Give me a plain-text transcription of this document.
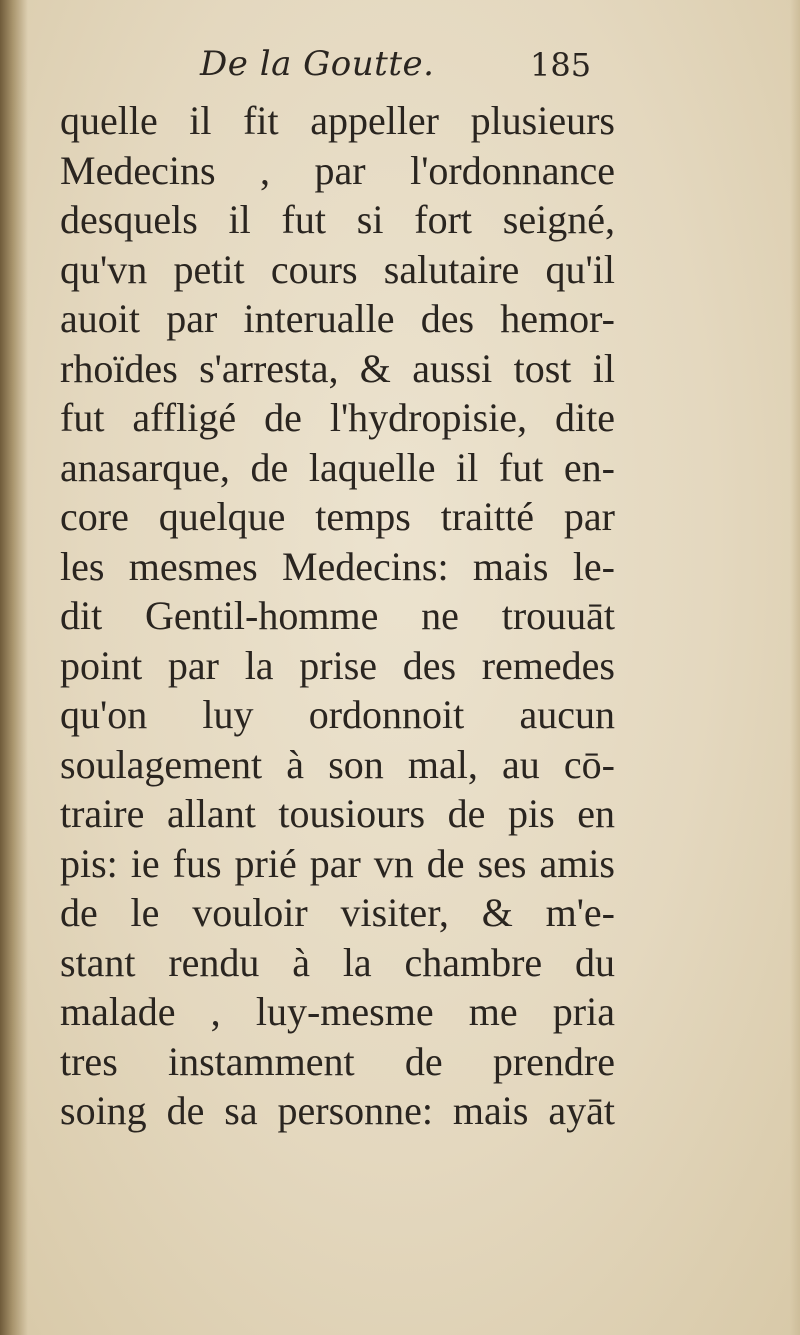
De la Goutte.	185
quelle il fit appeller plusieurs
Medecins , par l'ordonnance
desquels il fut si fort seigné,
qu'vn petit cours salutaire qu'il
auoit par interualle des hemor-
rhoïdes s'arresta, & aussi tost il
fut affligé de l'hydropisie, dite
anasarque, de laquelle il fut en-
core quelque temps traitté par
les mesmes Medecins: mais le-
dit Gentil-homme ne trouuāt
point par la prise des remedes
qu'on luy ordonnoit aucun
soulagement à son mal, au cō-
traire allant tousiours de pis en
pis: ie fus prié par vn de ses amis
de le vouloir visiter, & m'e-
stant rendu à la chambre du
malade , luy-mesme me pria
tres instamment de prendre
soing de sa personne: mais ayāt
